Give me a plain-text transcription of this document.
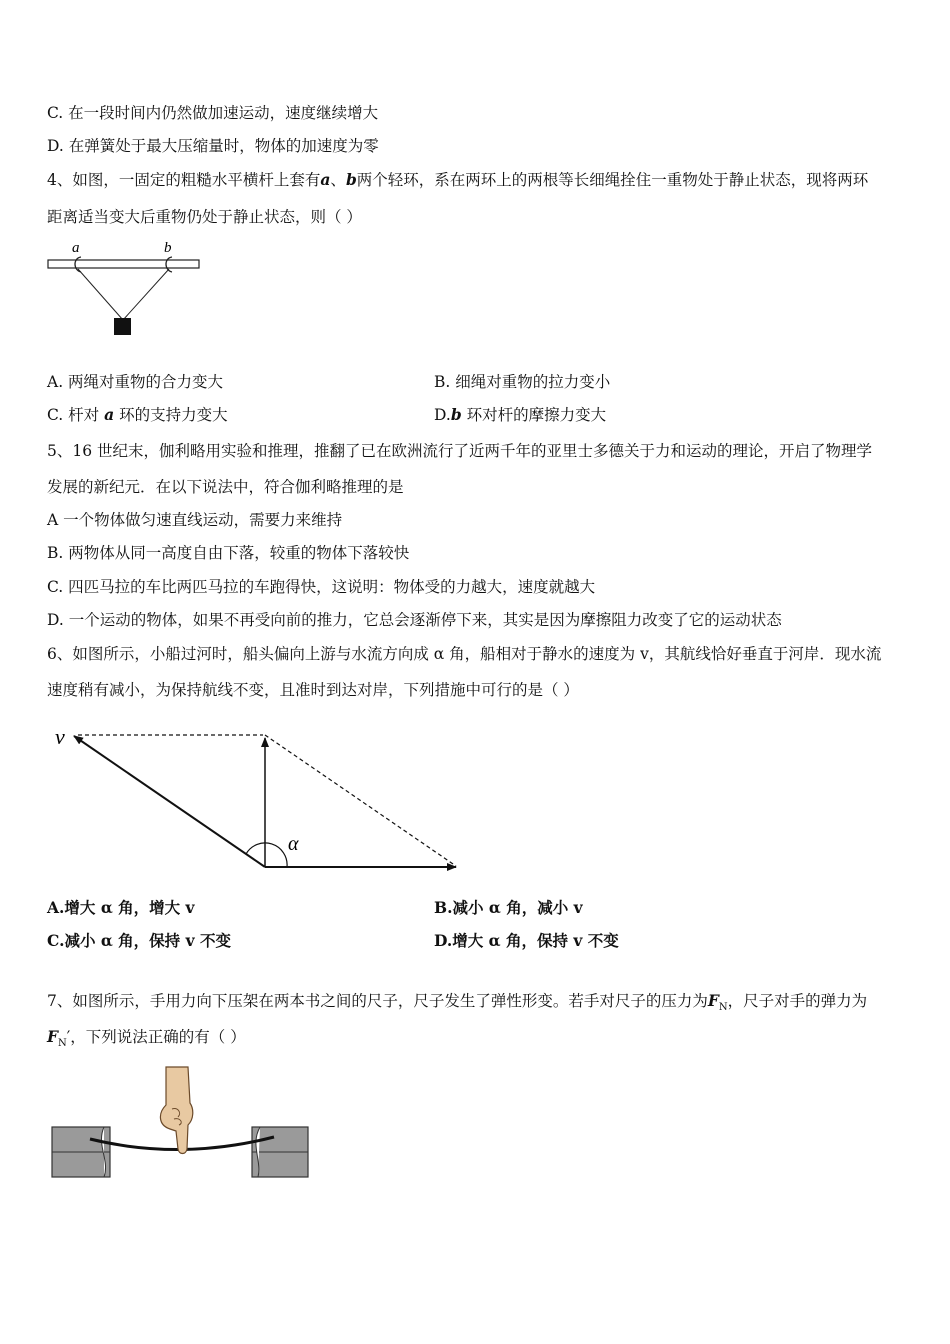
C. 在一段时间内仍然做加速运动，速度继续增大
D. 在弹簧处于最大压缩量时，物体的加速度为零
4、如图，一固定的粗糙水平横杆上套有a、b两个轻环，系在两环上的两根等长细绳拴住一重物处于静止状态，现将两环
距离适当变大后重物仍处于静止状态，则（ ）
a	b
A. 两绳对重物的合力变大	B. 细绳对重物的拉力变小
C. 杆对 a 环的支持力变大	D.b 环对杆的摩擦力变大
5、16 世纪末，伽利略用实验和推理，推翻了已在欧洲流行了近两千年的亚里士多德关于力和运动的理论，开启了物理学
发展的新纪元．在以下说法中，符合伽利略推理的是
A 一个物体做匀速直线运动，需要力来维持
B. 两物体从同一高度自由下落，较重的物体下落较快
C. 四匹马拉的车比两匹马拉的车跑得快，这说明：物体受的力越大，速度就越大
D. 一个运动的物体，如果不再受向前的推力，它总会逐渐停下来，其实是因为摩擦阻力改变了它的运动状态
6、如图所示，小船过河时，船头偏向上游与水流方向成 α 角，船相对于静水的速度为 v，其航线恰好垂直于河岸．现水流
速度稍有减小，为保持航线不变，且准时到达对岸，下列措施中可行的是（ ）
v
α
A.增大 α 角，增大 v	B.减小 α 角，减小 v
C.减小 α 角，保持 v 不变	D.增大 α 角，保持 v 不变
7、如图所示，手用力向下压架在两本书之间的尺子，尺子发生了弹性形变。若手对尺子的压力为$F_N$，尺子对手的弹力为
$F_N'$，下列说法正确的有（ ）
